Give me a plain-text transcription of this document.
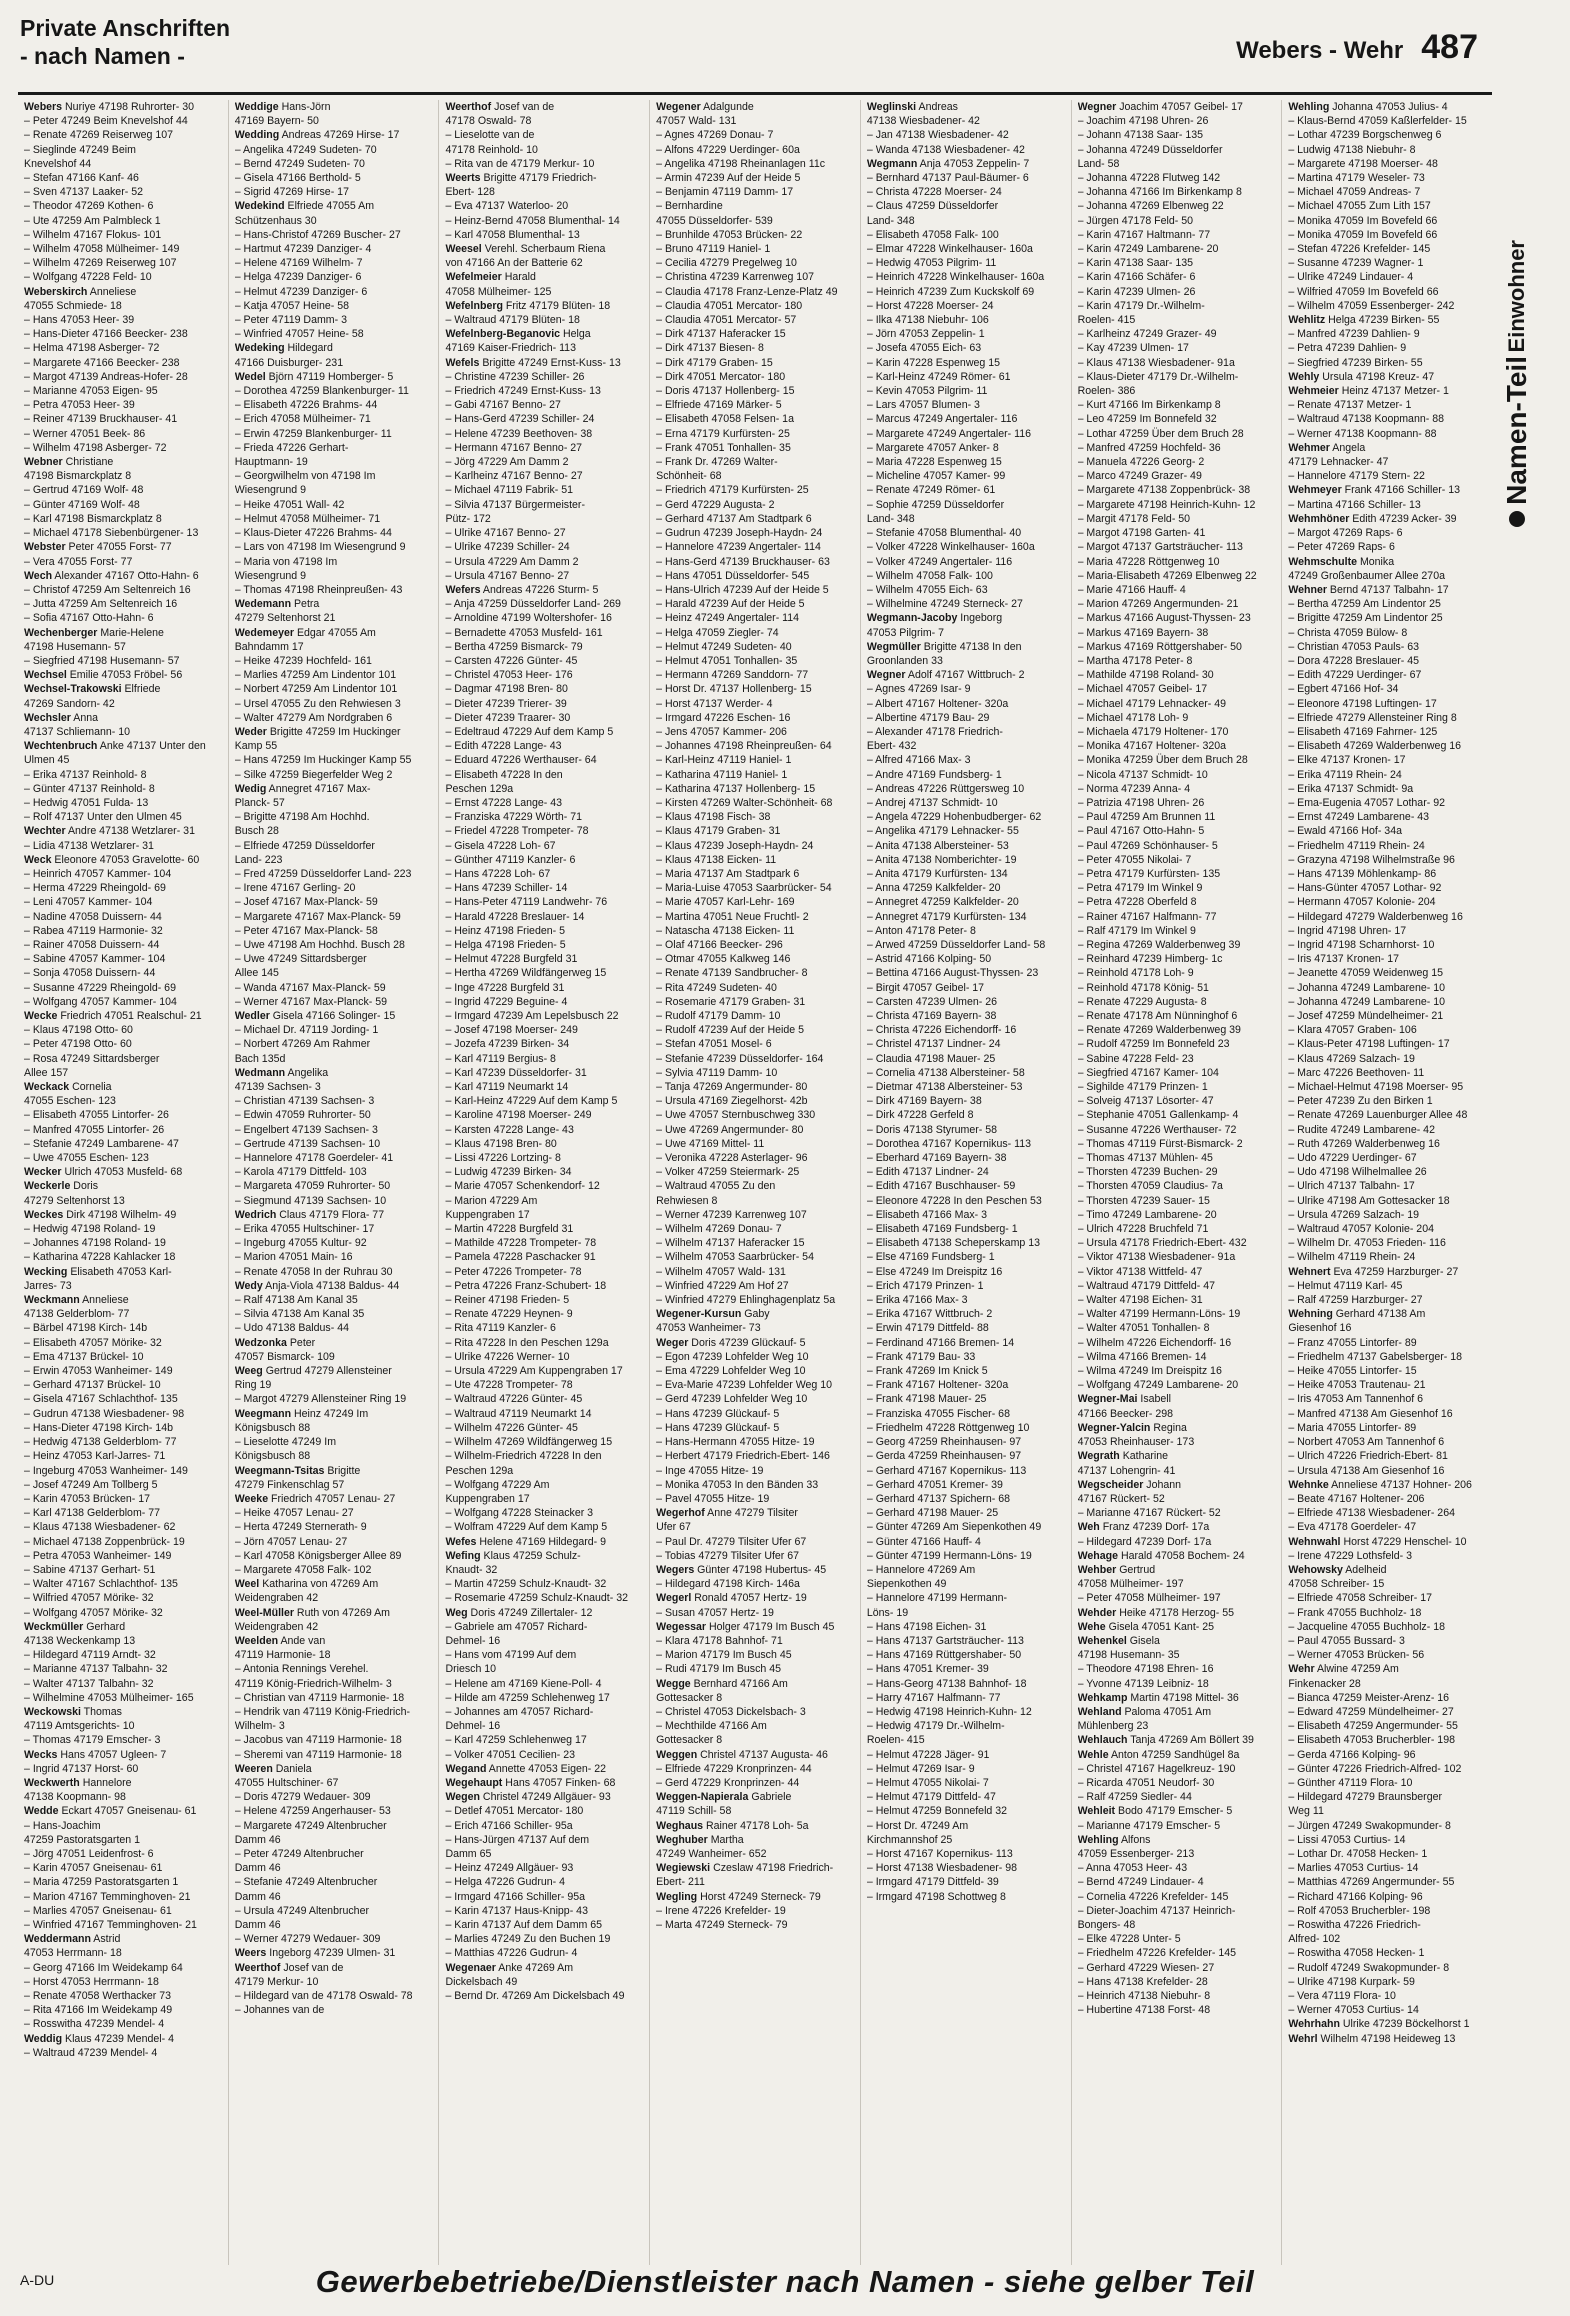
Private Anschriften
- nach Namen -	Webers - Wehr 487
Einwohner
Namen-Teil
Webers Nuriye 47198 Ruhrorter- 30
– Peter 47249 Beim Knevelshof 44
– Renate 47269 Reiserweg 107
– Sieglinde 47249 Beim
Knevelshof 44
– Stefan 47166 Kanf- 46
– Sven 47137 Laaker- 52
– Theodor 47269 Kothen- 6
– Ute 47259 Am Palmbleck 1
– Wilhelm 47167 Flokus- 101
– Wilhelm 47058 Mülheimer- 149
– Wilhelm 47269 Reiserweg 107
– Wolfgang 47228 Feld- 10
Weberskirch Anneliese
47055 Schmiede- 18
– Hans 47053 Heer- 39
– Hans-Dieter 47166 Beecker- 238
– Helma 47198 Asberger- 72
– Margarete 47166 Beecker- 238
– Margot 47139 Andreas-Hofer- 28
– Marianne 47053 Eigen- 95
– Petra 47053 Heer- 39
– Reiner 47139 Bruckhauser- 41
– Werner 47051 Beek- 86
– Wilhelm 47198 Asberger- 72
Webner Christiane
47198 Bismarckplatz 8
– Gertrud 47169 Wolf- 48
– Günter 47169 Wolf- 48
– Karl 47198 Bismarckplatz 8
– Michael 47178 Siebenbürgener- 13
Webster Peter 47055 Forst- 77
– Vera 47055 Forst- 77
Wech Alexander 47167 Otto-Hahn- 6
– Christof 47259 Am Seltenreich 16
– Jutta 47259 Am Seltenreich 16
– Sofia 47167 Otto-Hahn- 6
Wechenberger Marie-Helene
47198 Husemann- 57
– Siegfried 47198 Husemann- 57
Wechsel Emilie 47053 Fröbel- 56
Wechsel-Trakowski Elfriede
47269 Sandorn- 42
Wechsler Anna
47137 Schliemann- 10
Wechtenbruch Anke 47137 Unter den
Ulmen 45
– Erika 47137 Reinhold- 8
– Günter 47137 Reinhold- 8
– Hedwig 47051 Fulda- 13
– Rolf 47137 Unter den Ulmen 45
Wechter Andre 47138 Wetzlarer- 31
– Lidia 47138 Wetzlarer- 31
Weck Eleonore 47053 Gravelotte- 60
– Heinrich 47057 Kammer- 104
– Herma 47229 Rheingold- 69
– Leni 47057 Kammer- 104
– Nadine 47058 Duissern- 44
– Rabea 47119 Harmonie- 32
– Rainer 47058 Duissern- 44
– Sabine 47057 Kammer- 104
– Sonja 47058 Duissern- 44
– Susanne 47229 Rheingold- 69
– Wolfgang 47057 Kammer- 104
Wecke Friedrich 47051 Realschul- 21
– Klaus 47198 Otto- 60
– Peter 47198 Otto- 60
– Rosa 47249 Sittardsberger
Allee 157
Weckack Cornelia
47055 Eschen- 123
– Elisabeth 47055 Lintorfer- 26
– Manfred 47055 Lintorfer- 26
– Stefanie 47249 Lambarene- 47
– Uwe 47055 Eschen- 123
Wecker Ulrich 47053 Musfeld- 68
Weckerle Doris
47279 Seltenhorst 13
Weckes Dirk 47198 Wilhelm- 49
– Hedwig 47198 Roland- 19
– Johannes 47198 Roland- 19
– Katharina 47228 Kahlacker 18
Wecking Elisabeth 47053 Karl-
Jarres- 73
Weckmann Anneliese
47138 Gelderblom- 77
– Bärbel 47198 Kirch- 14b
– Elisabeth 47057 Mörike- 32
– Ema 47137 Brückel- 10
– Erwin 47053 Wanheimer- 149
– Gerhard 47137 Brückel- 10
– Gisela 47167 Schlachthof- 135
– Gudrun 47138 Wiesbadener- 98
– Hans-Dieter 47198 Kirch- 14b
– Hedwig 47138 Gelderblom- 77
– Heinz 47053 Karl-Jarres- 71
– Ingeburg 47053 Wanheimer- 149
– Josef 47249 Am Tollberg 5
– Karin 47053 Brücken- 17
– Karl 47138 Gelderblom- 77
– Klaus 47138 Wiesbadener- 62
– Michael 47138 Zoppenbrück- 19
– Petra 47053 Wanheimer- 149
– Sabine 47137 Gerhart- 51
– Walter 47167 Schlachthof- 135
– Wilfried 47057 Mörike- 32
– Wolfgang 47057 Mörike- 32
Weckmüller Gerhard
47138 Weckenkamp 13
– Hildegard 47119 Arndt- 32
– Marianne 47137 Talbahn- 32
– Walter 47137 Talbahn- 32
– Wilhelmine 47053 Mülheimer- 165
Weckowski Thomas
47119 Amtsgerichts- 10
– Thomas 47179 Emscher- 3
Wecks Hans 47057 Ugleen- 7
– Ingrid 47137 Horst- 60
Weckwerth Hannelore
47138 Koopmann- 98
Wedde Eckart 47057 Gneisenau- 61
– Hans-Joachim
47259 Pastoratsgarten 1
– Jörg 47051 Leidenfrost- 6
– Karin 47057 Gneisenau- 61
– Maria 47259 Pastoratsgarten 1
– Marion 47167 Temminghoven- 21
– Marlies 47057 Gneisenau- 61
– Winfried 47167 Temminghoven- 21
Weddermann Astrid
47053 Herrmann- 18
– Georg 47166 Im Weidekamp 64
– Horst 47053 Herrmann- 18
– Renate 47058 Werthacker 73
– Rita 47166 Im Weidekamp 49
– Rosswitha 47239 Mendel- 4
Weddig Klaus 47239 Mendel- 4
– Waltraud 47239 Mendel- 4
Weddige Hans-Jörn
47169 Bayern- 50
Wedding Andreas 47269 Hirse- 17
– Angelika 47249 Sudeten- 70
– Bernd 47249 Sudeten- 70
– Gisela 47166 Berthold- 5
– Sigrid 47269 Hirse- 17
Wedekind Elfriede 47055 Am
Schützenhaus 30
– Hans-Christof 47269 Buscher- 27
– Hartmut 47239 Danziger- 4
– Helene 47169 Wilhelm- 7
– Helga 47239 Danziger- 6
– Helmut 47239 Danziger- 6
– Katja 47057 Heine- 58
– Peter 47119 Damm- 3
– Winfried 47057 Heine- 58
Wedeking Hildegard
47166 Duisburger- 231
Wedel Björn 47119 Homberger- 5
– Dorothea 47259 Blankenburger- 11
– Elisabeth 47226 Brahms- 44
– Erich 47058 Mülheimer- 71
– Erwin 47259 Blankenburger- 11
– Frieda 47226 Gerhart-
Hauptmann- 19
– Georgwilhelm von 47198 Im
Wiesengrund 9
– Heike 47051 Wall- 42
– Helmut 47058 Mülheimer- 71
– Klaus-Dieter 47226 Brahms- 44
– Lars von 47198 Im Wiesengrund 9
– Maria von 47198 Im
Wiesengrund 9
– Thomas 47198 Rheinpreußen- 43
Wedemann Petra
47279 Seltenhorst 21
Wedemeyer Edgar 47055 Am
Bahndamm 17
– Heike 47239 Hochfeld- 161
– Marlies 47259 Am Lindentor 101
– Norbert 47259 Am Lindentor 101
– Ursel 47055 Zu den Rehwiesen 3
– Walter 47279 Am Nordgraben 6
Weder Brigitte 47259 Im Huckinger
Kamp 55
– Hans 47259 Im Huckinger Kamp 55
– Silke 47259 Biegerfelder Weg 2
Wedig Annegret 47167 Max-
Planck- 57
– Brigitte 47198 Am Hochhd.
Busch 28
– Elfriede 47259 Düsseldorfer
Land- 223
– Fred 47259 Düsseldorfer Land- 223
– Irene 47167 Gerling- 20
– Josef 47167 Max-Planck- 59
– Margarete 47167 Max-Planck- 59
– Peter 47167 Max-Planck- 58
– Uwe 47198 Am Hochhd. Busch 28
– Uwe 47249 Sittardsberger
Allee 145
– Wanda 47167 Max-Planck- 59
– Werner 47167 Max-Planck- 59
Wedler Gisela 47166 Solinger- 15
– Michael Dr. 47119 Jording- 1
– Norbert 47269 Am Rahmer
Bach 135d
Wedmann Angelika
47139 Sachsen- 3
– Christian 47139 Sachsen- 3
– Edwin 47059 Ruhrorter- 50
– Engelbert 47139 Sachsen- 3
– Gertrude 47139 Sachsen- 10
– Hannelore 47178 Goerdeler- 41
– Karola 47179 Dittfeld- 103
– Margareta 47059 Ruhrorter- 50
– Siegmund 47139 Sachsen- 10
Wedrich Claus 47179 Flora- 77
– Erika 47055 Hultschiner- 17
– Ingeburg 47055 Kultur- 92
– Marion 47051 Main- 16
– Renate 47058 In der Ruhrau 30
Wedy Anja-Viola 47138 Baldus- 44
– Ralf 47138 Am Kanal 35
– Silvia 47138 Am Kanal 35
– Udo 47138 Baldus- 44
Wedzonka Peter
47057 Bismarck- 109
Weeg Gertrud 47279 Allensteiner
Ring 19
– Margot 47279 Allensteiner Ring 19
Weegmann Heinz 47249 Im
Königsbusch 88
– Lieselotte 47249 Im
Königsbusch 88
Weegmann-Tsitas Brigitte
47279 Finkenschlag 57
Weeke Friedrich 47057 Lenau- 27
– Heike 47057 Lenau- 27
– Herta 47249 Sternerath- 9
– Jörn 47057 Lenau- 27
– Karl 47058 Königsberger Allee 89
– Margarete 47058 Falk- 102
Weel Katharina von 47269 Am
Weidengraben 42
Weel-Müller Ruth von 47269 Am
Weidengraben 42
Weelden Ande van
47119 Harmonie- 18
– Antonia Rennings Verehel.
47119 König-Friedrich-Wilhelm- 3
– Christian van 47119 Harmonie- 18
– Hendrik van 47119 König-Friedrich-
Wilhelm- 3
– Jacobus van 47119 Harmonie- 18
– Sheremi van 47119 Harmonie- 18
Weeren Daniela
47055 Hultschiner- 67
– Doris 47279 Wedauer- 309
– Helene 47259 Angerhauser- 53
– Margarete 47249 Altenbrucher
Damm 46
– Peter 47249 Altenbrucher
Damm 46
– Stefanie 47249 Altenbrucher
Damm 46
– Ursula 47249 Altenbrucher
Damm 46
– Werner 47279 Wedauer- 309
Weers Ingeborg 47239 Ulmen- 31
Weerthof Josef van de
47179 Merkur- 10
– Hildegard van de 47178 Oswald- 78
– Johannes van de
Weerthof Josef van de
47178 Oswald- 78
– Lieselotte van de
47178 Reinhold- 10
– Rita van de 47179 Merkur- 10
Weerts Brigitte 47179 Friedrich-
Ebert- 128
– Eva 47137 Waterloo- 20
– Heinz-Bernd 47058 Blumenthal- 14
– Karl 47058 Blumenthal- 13
Weesel Verehl. Scherbaum Riena
von 47166 An der Batterie 62
Wefelmeier Harald
47058 Mülheimer- 125
Wefelnberg Fritz 47179 Blüten- 18
– Waltraud 47179 Blüten- 18
Wefelnberg-Beganovic Helga
47169 Kaiser-Friedrich- 113
Wefels Brigitte 47249 Ernst-Kuss- 13
– Christine 47239 Schiller- 26
– Friedrich 47249 Ernst-Kuss- 13
– Gabi 47167 Benno- 27
– Hans-Gerd 47239 Schiller- 24
– Helene 47239 Beethoven- 38
– Hermann 47167 Benno- 27
– Jörg 47229 Am Damm 2
– Karlheinz 47167 Benno- 27
– Michael 47119 Fabrik- 51
– Silvia 47137 Bürgermeister-
Pütz- 172
– Ulrike 47167 Benno- 27
– Ulrike 47239 Schiller- 24
– Ursula 47229 Am Damm 2
– Ursula 47167 Benno- 27
Wefers Andreas 47226 Sturm- 5
– Anja 47259 Düsseldorfer Land- 269
– Arnoldine 47199 Woltershofer- 16
– Bernadette 47053 Musfeld- 161
– Bertha 47259 Bismarck- 79
– Carsten 47226 Günter- 45
– Christel 47053 Heer- 176
– Dagmar 47198 Bren- 80
– Dieter 47239 Trierer- 39
– Dieter 47239 Traarer- 30
– Edeltraud 47229 Auf dem Kamp 5
– Edith 47228 Lange- 43
– Eduard 47226 Werthauser- 64
– Elisabeth 47228 In den
Peschen 129a
– Ernst 47228 Lange- 43
– Franziska 47229 Wörth- 71
– Friedel 47228 Trompeter- 78
– Gisela 47228 Loh- 67
– Günther 47119 Kanzler- 6
– Hans 47228 Loh- 67
– Hans 47239 Schiller- 14
– Hans-Peter 47119 Landwehr- 76
– Harald 47228 Breslauer- 14
– Heinz 47198 Frieden- 5
– Helga 47198 Frieden- 5
– Helmut 47228 Burgfeld 31
– Hertha 47269 Wildfängerweg 15
– Inge 47228 Burgfeld 31
– Ingrid 47229 Beguine- 4
– Irmgard 47239 Am Lepelsbusch 22
– Josef 47198 Moerser- 249
– Jozefa 47239 Birken- 34
– Karl 47119 Bergius- 8
– Karl 47239 Düsseldorfer- 31
– Karl 47119 Neumarkt 14
– Karl-Heinz 47229 Auf dem Kamp 5
– Karoline 47198 Moerser- 249
– Karsten 47228 Lange- 43
– Klaus 47198 Bren- 80
– Lissi 47226 Lortzing- 8
– Ludwig 47239 Birken- 34
– Marie 47057 Schenkendorf- 12
– Marion 47229 Am
Kuppengraben 17
– Martin 47228 Burgfeld 31
– Mathilde 47228 Trompeter- 78
– Pamela 47228 Paschacker 91
– Peter 47226 Trompeter- 78
– Petra 47226 Franz-Schubert- 18
– Reiner 47198 Frieden- 5
– Renate 47229 Heynen- 9
– Rita 47119 Kanzler- 6
– Rita 47228 In den Peschen 129a
– Ulrike 47226 Werner- 10
– Ursula 47229 Am Kuppengraben 17
– Ute 47228 Trompeter- 78
– Waltraud 47226 Günter- 45
– Waltraud 47119 Neumarkt 14
– Wilhelm 47226 Günter- 45
– Wilhelm 47269 Wildfängerweg 15
– Wilhelm-Friedrich 47228 In den
Peschen 129a
– Wolfgang 47229 Am
Kuppengraben 17
– Wolfgang 47228 Steinacker 3
– Wolfram 47229 Auf dem Kamp 5
Wefes Helene 47169 Hildegard- 9
Wefing Klaus 47259 Schulz-
Knaudt- 32
– Martin 47259 Schulz-Knaudt- 32
– Rosemarie 47259 Schulz-Knaudt- 32
Weg Doris 47249 Zillertaler- 12
– Gabriele am 47057 Richard-
Dehmel- 16
– Hans vom 47199 Auf dem
Driesch 10
– Helene am 47169 Kiene-Poll- 4
– Hilde am 47259 Schlehenweg 17
– Johannes am 47057 Richard-
Dehmel- 16
– Karl 47259 Schlehenweg 17
– Volker 47051 Cecilien- 23
Wegand Annette 47053 Eigen- 22
Wegehaupt Hans 47057 Finken- 68
Wegen Christel 47249 Allgäuer- 93
– Detlef 47051 Mercator- 180
– Erich 47166 Schiller- 95a
– Hans-Jürgen 47137 Auf dem
Damm 65
– Heinz 47249 Allgäuer- 93
– Helga 47226 Gudrun- 4
– Irmgard 47166 Schiller- 95a
– Karin 47137 Haus-Knipp- 43
– Karin 47137 Auf dem Damm 65
– Marlies 47249 Zu den Buchen 19
– Matthias 47226 Gudrun- 4
Wegenaer Anke 47269 Am
Dickelsbach 49
– Bernd Dr. 47269 Am Dickelsbach 49
Wegener Adalgunde
47057 Wald- 131
– Agnes 47269 Donau- 7
– Alfons 47229 Uerdinger- 60a
– Angelika 47198 Rheinanlagen 11c
– Armin 47239 Auf der Heide 5
– Benjamin 47119 Damm- 17
– Bernhardine
47055 Düsseldorfer- 539
– Brunhilde 47053 Brücken- 22
– Bruno 47119 Haniel- 1
– Cecilia 47279 Pregelweg 10
– Christina 47239 Karrenweg 107
– Claudia 47178 Franz-Lenze-Platz 49
– Claudia 47051 Mercator- 180
– Claudia 47051 Mercator- 57
– Dirk 47137 Haferacker 15
– Dirk 47137 Biesen- 8
– Dirk 47179 Graben- 15
– Dirk 47051 Mercator- 180
– Doris 47137 Hollenberg- 15
– Elfriede 47169 Märker- 5
– Elisabeth 47058 Felsen- 1a
– Erna 47179 Kurfürsten- 25
– Frank 47051 Tonhallen- 35
– Frank Dr. 47269 Walter-
Schönheit- 68
– Friedrich 47179 Kurfürsten- 25
– Gerd 47229 Augusta- 2
– Gerhard 47137 Am Stadtpark 6
– Gudrun 47239 Joseph-Haydn- 24
– Hannelore 47239 Angertaler- 114
– Hans-Gerd 47139 Bruckhauser- 63
– Hans 47051 Düsseldorfer- 545
– Hans-Ulrich 47239 Auf der Heide 5
– Harald 47239 Auf der Heide 5
– Heinz 47249 Angertaler- 114
– Helga 47059 Ziegler- 74
– Helmut 47249 Sudeten- 40
– Helmut 47051 Tonhallen- 35
– Hermann 47269 Sanddorn- 77
– Horst Dr. 47137 Hollenberg- 15
– Horst 47137 Werder- 4
– Irmgard 47226 Eschen- 16
– Jens 47057 Kammer- 206
– Johannes 47198 Rheinpreußen- 64
– Karl-Heinz 47119 Haniel- 1
– Katharina 47119 Haniel- 1
– Katharina 47137 Hollenberg- 15
– Kirsten 47269 Walter-Schönheit- 68
– Klaus 47198 Fisch- 38
– Klaus 47179 Graben- 31
– Klaus 47239 Joseph-Haydn- 24
– Klaus 47138 Eicken- 11
– Maria 47137 Am Stadtpark 6
– Maria-Luise 47053 Saarbrücker- 54
– Marie 47057 Karl-Lehr- 169
– Martina 47051 Neue Fruchtl- 2
– Natascha 47138 Eicken- 11
– Olaf 47166 Beecker- 296
– Otmar 47055 Kalkweg 146
– Renate 47139 Sandbrucher- 8
– Rita 47249 Sudeten- 40
– Rosemarie 47179 Graben- 31
– Rudolf 47179 Damm- 10
– Rudolf 47239 Auf der Heide 5
– Stefan 47051 Mosel- 6
– Stefanie 47239 Düsseldorfer- 164
– Sylvia 47119 Damm- 10
– Tanja 47269 Angermunder- 80
– Ursula 47169 Ziegelhorst- 42b
– Uwe 47057 Sternbuschweg 330
– Uwe 47269 Angermunder- 80
– Uwe 47169 Mittel- 11
– Veronika 47228 Asterlager- 96
– Volker 47259 Steiermark- 25
– Waltraud 47055 Zu den
Rehwiesen 8
– Werner 47239 Karrenweg 107
– Wilhelm 47269 Donau- 7
– Wilhelm 47137 Haferacker 15
– Wilhelm 47053 Saarbrücker- 54
– Wilhelm 47057 Wald- 131
– Winfried 47229 Am Hof 27
– Winfried 47279 Ehlinghagenplatz 5a
Wegener-Kursun Gaby
47053 Wanheimer- 73
Weger Doris 47239 Glückauf- 5
– Egon 47239 Lohfelder Weg 10
– Ema 47229 Lohfelder Weg 10
– Eva-Marie 47239 Lohfelder Weg 10
– Gerd 47239 Lohfelder Weg 10
– Hans 47239 Glückauf- 5
– Hans 47239 Glückauf- 5
– Hans-Hermann 47055 Hitze- 19
– Herbert 47179 Friedrich-Ebert- 146
– Inge 47055 Hitze- 19
– Monika 47053 In den Bänden 33
– Pavel 47055 Hitze- 19
Wegerhof Anne 47279 Tilsiter
Ufer 67
– Paul Dr. 47279 Tilsiter Ufer 67
– Tobias 47279 Tilsiter Ufer 67
Wegers Günter 47198 Hubertus- 45
– Hildegard 47198 Kirch- 146a
Wegerl Ronald 47057 Hertz- 19
– Susan 47057 Hertz- 19
Wegessar Holger 47179 Im Busch 45
– Klara 47178 Bahnhof- 71
– Marion 47179 Im Busch 45
– Rudi 47179 Im Busch 45
Wegge Bernhard 47166 Am
Gottesacker 8
– Christel 47053 Dickelsbach- 3
– Mechthilde 47166 Am
Gottesacker 8
Weggen Christel 47137 Augusta- 46
– Elfriede 47229 Kronprinzen- 44
– Gerd 47229 Kronprinzen- 44
Weggen-Napierala Gabriele
47119 Schill- 58
Weghaus Rainer 47178 Loh- 5a
Weghuber Martha
47249 Wanheimer- 652
Wegiewski Czeslaw 47198 Friedrich-
Ebert- 211
Wegling Horst 47249 Sterneck- 79
– Irene 47226 Krefelder- 19
– Marta 47249 Sterneck- 79
Weglinski Andreas
47138 Wiesbadener- 42
– Jan 47138 Wiesbadener- 42
– Wanda 47138 Wiesbadener- 42
Wegmann Anja 47053 Zeppelin- 7
– Bernhard 47137 Paul-Bäumer- 6
– Christa 47228 Moerser- 24
– Claus 47259 Düsseldorfer
Land- 348
– Elisabeth 47058 Falk- 100
– Elmar 47228 Winkelhauser- 160a
– Hedwig 47053 Pilgrim- 11
– Heinrich 47228 Winkelhauser- 160a
– Heinrich 47239 Zum Kuckskolf 69
– Horst 47228 Moerser- 24
– Ilka 47138 Niebuhr- 106
– Jörn 47053 Zeppelin- 1
– Josefa 47055 Eich- 63
– Karin 47228 Espenweg 15
– Karl-Heinz 47249 Römer- 61
– Kevin 47053 Pilgrim- 11
– Lars 47057 Blumen- 3
– Marcus 47249 Angertaler- 116
– Margarete 47249 Angertaler- 116
– Margarete 47057 Anker- 8
– Maria 47228 Espenweg 15
– Micheline 47057 Kamer- 99
– Renate 47249 Römer- 61
– Sophie 47259 Düsseldorfer
Land- 348
– Stefanie 47058 Blumenthal- 40
– Volker 47228 Winkelhauser- 160a
– Volker 47249 Angertaler- 116
– Wilhelm 47058 Falk- 100
– Wilhelm 47055 Eich- 63
– Wilhelmine 47249 Sterneck- 27
Wegmann-Jacoby Ingeborg
47053 Pilgrim- 7
Wegmüller Brigitte 47138 In den
Groonlanden 33
Wegner Adolf 47167 Wittbruch- 2
– Agnes 47269 Isar- 9
– Albert 47167 Holtener- 320a
– Albertine 47179 Bau- 29
– Alexander 47178 Friedrich-
Ebert- 432
– Alfred 47166 Max- 3
– Andre 47169 Fundsberg- 1
– Andreas 47226 Rüttgersweg 10
– Andrej 47137 Schmidt- 10
– Angela 47229 Hohenbudberger- 62
– Angelika 47179 Lehnacker- 55
– Anita 47138 Albersteiner- 53
– Anita 47138 Nomberichter- 19
– Anita 47179 Kurfürsten- 134
– Anna 47259 Kalkfelder- 20
– Annegret 47259 Kalkfelder- 20
– Annegret 47179 Kurfürsten- 134
– Anton 47178 Peter- 8
– Arwed 47259 Düsseldorfer Land- 58
– Astrid 47166 Kolping- 50
– Bettina 47166 August-Thyssen- 23
– Birgit 47057 Geibel- 17
– Carsten 47239 Ulmen- 26
– Christa 47169 Bayern- 38
– Christa 47226 Eichendorff- 16
– Christel 47137 Lindner- 24
– Claudia 47198 Mauer- 25
– Cornelia 47138 Albersteiner- 58
– Dietmar 47138 Albersteiner- 53
– Dirk 47169 Bayern- 38
– Dirk 47228 Gerfeld 8
– Doris 47138 Styrumer- 58
– Dorothea 47167 Kopernikus- 113
– Eberhard 47169 Bayern- 38
– Edith 47137 Lindner- 24
– Edith 47167 Buschhauser- 59
– Eleonore 47228 In den Peschen 53
– Elisabeth 47166 Max- 3
– Elisabeth 47169 Fundsberg- 1
– Elisabeth 47138 Scheperskamp 13
– Else 47169 Fundsberg- 1
– Else 47249 Im Dreispitz 16
– Erich 47179 Prinzen- 1
– Erika 47166 Max- 3
– Erika 47167 Wittbruch- 2
– Erwin 47179 Dittfeld- 88
– Ferdinand 47166 Bremen- 14
– Frank 47179 Bau- 33
– Frank 47269 Im Knick 5
– Frank 47167 Holtener- 320a
– Frank 47198 Mauer- 25
– Franziska 47055 Fischer- 68
– Friedhelm 47228 Röttgenweg 10
– Georg 47259 Rheinhausen- 97
– Gerda 47259 Rheinhausen- 97
– Gerhard 47167 Kopernikus- 113
– Gerhard 47051 Kremer- 39
– Gerhard 47137 Spichern- 68
– Gerhard 47198 Mauer- 25
– Günter 47269 Am Siepenkothen 49
– Günter 47166 Hauff- 4
– Günter 47199 Hermann-Löns- 19
– Hannelore 47269 Am
Siepenkothen 49
– Hannelore 47199 Hermann-
Löns- 19
– Hans 47198 Eichen- 31
– Hans 47137 Gartsträucher- 113
– Hans 47169 Rüttgershaber- 50
– Hans 47051 Kremer- 39
– Hans-Georg 47138 Bahnhof- 18
– Harry 47167 Halfmann- 77
– Hedwig 47198 Heinrich-Kuhn- 12
– Hedwig 47179 Dr.-Wilhelm-
Roelen- 415
– Helmut 47228 Jäger- 91
– Helmut 47269 Isar- 9
– Helmut 47055 Nikolai- 7
– Helmut 47179 Dittfeld- 47
– Helmut 47259 Bonnefeld 32
– Horst Dr. 47249 Am
Kirchmannshof 25
– Horst 47167 Kopernikus- 113
– Horst 47138 Wiesbadener- 98
– Irmgard 47179 Dittfeld- 39
– Irmgard 47198 Schottweg 8
Wegner Joachim 47057 Geibel- 17
– Joachim 47198 Uhren- 26
– Johann 47138 Saar- 135
– Johanna 47249 Düsseldorfer
Land- 58
– Johanna 47228 Flutweg 142
– Johanna 47166 Im Birkenkamp 8
– Johanna 47269 Elbenweg 22
– Jürgen 47178 Feld- 50
– Karin 47167 Haltmann- 77
– Karin 47249 Lambarene- 20
– Karin 47138 Saar- 135
– Karin 47166 Schäfer- 6
– Karin 47239 Ulmen- 26
– Karin 47179 Dr.-Wilhelm-
Roelen- 415
– Karlheinz 47249 Grazer- 49
– Kay 47239 Ulmen- 17
– Klaus 47138 Wiesbadener- 91a
– Klaus-Dieter 47179 Dr.-Wilhelm-
Roelen- 386
– Kurt 47166 Im Birkenkamp 8
– Leo 47259 Im Bonnefeld 32
– Lothar 47259 Über dem Bruch 28
– Manfred 47259 Hochfeld- 36
– Manuela 47226 Georg- 2
– Marco 47249 Grazer- 49
– Margarete 47138 Zoppenbrück- 38
– Margarete 47198 Heinrich-Kuhn- 12
– Margit 47178 Feld- 50
– Margot 47198 Garten- 41
– Margot 47137 Gartsträucher- 113
– Maria 47228 Röttgenweg 10
– Maria-Elisabeth 47269 Elbenweg 22
– Marie 47166 Hauff- 4
– Marion 47269 Angermunden- 21
– Markus 47166 August-Thyssen- 23
– Markus 47169 Bayern- 38
– Markus 47169 Röttgershaber- 50
– Martha 47178 Peter- 8
– Mathilde 47198 Roland- 30
– Michael 47057 Geibel- 17
– Michael 47179 Lehnacker- 49
– Michael 47178 Loh- 9
– Michaela 47179 Holtener- 170
– Monika 47167 Holtener- 320a
– Monika 47259 Über dem Bruch 28
– Nicola 47137 Schmidt- 10
– Norma 47239 Anna- 4
– Patrizia 47198 Uhren- 26
– Paul 47259 Am Brunnen 11
– Paul 47167 Otto-Hahn- 5
– Paul 47269 Schönhauser- 5
– Peter 47055 Nikolai- 7
– Petra 47179 Kurfürsten- 135
– Petra 47179 Im Winkel 9
– Petra 47228 Oberfeld 8
– Rainer 47167 Halfmann- 77
– Ralf 47179 Im Winkel 9
– Regina 47269 Walderbenweg 39
– Reinhard 47239 Himberg- 1c
– Reinhold 47178 Loh- 9
– Reinhold 47178 König- 51
– Renate 47229 Augusta- 8
– Renate 47178 Am Nünninghof 6
– Renate 47269 Walderbenweg 39
– Rudolf 47259 Im Bonnefeld 23
– Sabine 47228 Feld- 23
– Siegfried 47167 Kamer- 104
– Sighilde 47179 Prinzen- 1
– Solveig 47137 Lösorter- 47
– Stephanie 47051 Gallenkamp- 4
– Susanne 47226 Werthauser- 72
– Thomas 47119 Fürst-Bismarck- 2
– Thomas 47137 Mühlen- 45
– Thorsten 47239 Buchen- 29
– Thorsten 47059 Claudius- 7a
– Thorsten 47239 Sauer- 15
– Timo 47249 Lambarene- 20
– Ulrich 47228 Bruchfeld 71
– Ursula 47178 Friedrich-Ebert- 432
– Viktor 47138 Wiesbadener- 91a
– Viktor 47138 Wittfeld- 47
– Waltraud 47179 Dittfeld- 47
– Walter 47198 Eichen- 31
– Walter 47199 Hermann-Löns- 19
– Walter 47051 Tonhallen- 8
– Wilhelm 47226 Eichendorff- 16
– Wilma 47166 Bremen- 14
– Wilma 47249 Im Dreispitz 16
– Wolfgang 47249 Lambarene- 20
Wegner-Mai Isabell
47166 Beecker- 298
Wegner-Yalcin Regina
47053 Rheinhauser- 173
Wegrath Katharine
47137 Lohengrin- 41
Wegscheider Johann
47167 Rückert- 52
– Marianne 47167 Rückert- 52
Weh Franz 47239 Dorf- 17a
– Hildegard 47239 Dorf- 17a
Wehage Harald 47058 Bochem- 24
Wehber Gertrud
47058 Mülheimer- 197
– Peter 47058 Mülheimer- 197
Wehder Heike 47178 Herzog- 55
Wehe Gisela 47051 Kant- 25
Wehenkel Gisela
47198 Husemann- 35
– Theodore 47198 Ehren- 16
– Yvonne 47139 Leibniz- 18
Wehkamp Martin 47198 Mittel- 36
Wehland Paloma 47051 Am
Mühlenberg 23
Wehlauch Tanja 47269 Am Böllert 39
Wehle Anton 47259 Sandhügel 8a
– Christel 47167 Hagelkreuz- 190
– Ricarda 47051 Neudorf- 30
– Ralf 47259 Siedler- 44
Wehleit Bodo 47179 Emscher- 5
– Marianne 47179 Emscher- 5
Wehling Alfons
47059 Essenberger- 213
– Anna 47053 Heer- 43
– Bernd 47249 Lindauer- 4
– Cornelia 47226 Krefelder- 145
– Dieter-Joachim 47137 Heinrich-
Bongers- 48
– Elke 47228 Unter- 5
– Friedhelm 47226 Krefelder- 145
– Gerhard 47229 Wiesen- 27
– Hans 47138 Krefelder- 28
– Heinrich 47138 Niebuhr- 8
– Hubertine 47138 Forst- 48
Wehling Johanna 47053 Julius- 4
– Klaus-Bernd 47059 Kaßlerfelder- 15
– Lothar 47239 Borgschenweg 6
– Ludwig 47138 Niebuhr- 8
– Margarete 47198 Moerser- 48
– Martina 47179 Weseler- 73
– Michael 47059 Andreas- 7
– Michael 47055 Zum Lith 157
– Monika 47059 Im Bovefeld 66
– Monika 47059 Im Bovefeld 66
– Stefan 47226 Krefelder- 145
– Susanne 47239 Wagner- 1
– Ulrike 47249 Lindauer- 4
– Wilfried 47059 Im Bovefeld 66
– Wilhelm 47059 Essenberger- 242
Wehlitz Helga 47239 Birken- 55
– Manfred 47239 Dahlien- 9
– Petra 47239 Dahlien- 9
– Siegfried 47239 Birken- 55
Wehly Ursula 47198 Kreuz- 47
Wehmeier Heinz 47137 Metzer- 1
– Renate 47137 Metzer- 1
– Waltraud 47138 Koopmann- 88
– Werner 47138 Koopmann- 88
Wehmer Angela
47179 Lehnacker- 47
– Hannelore 47179 Stern- 22
Wehmeyer Frank 47166 Schiller- 13
– Martina 47166 Schiller- 13
Wehmhöner Edith 47239 Acker- 39
– Margot 47269 Raps- 6
– Peter 47269 Raps- 6
Wehmschulte Monika
47249 Großenbaumer Allee 270a
Wehner Bernd 47137 Talbahn- 17
– Bertha 47259 Am Lindentor 25
– Brigitte 47259 Am Lindentor 25
– Christa 47059 Bülow- 8
– Christian 47053 Pauls- 63
– Dora 47228 Breslauer- 45
– Edith 47229 Uerdinger- 67
– Egbert 47166 Hof- 34
– Eleonore 47198 Luftingen- 17
– Elfriede 47279 Allensteiner Ring 8
– Elisabeth 47169 Fahrner- 125
– Elisabeth 47269 Walderbenweg 16
– Elke 47137 Kronen- 17
– Erika 47119 Rhein- 24
– Erika 47137 Schmidt- 9a
– Ema-Eugenia 47057 Lothar- 92
– Ernst 47249 Lambarene- 43
– Ewald 47166 Hof- 34a
– Friedhelm 47119 Rhein- 24
– Grazyna 47198 Wilhelmstraße 96
– Hans 47139 Möhlenkamp- 86
– Hans-Günter 47057 Lothar- 92
– Hermann 47057 Kolonie- 204
– Hildegard 47279 Walderbenweg 16
– Ingrid 47198 Uhren- 17
– Ingrid 47198 Scharnhorst- 10
– Iris 47137 Kronen- 17
– Jeanette 47059 Weidenweg 15
– Johanna 47249 Lambarene- 10
– Johanna 47249 Lambarene- 10
– Josef 47259 Mündelheimer- 21
– Klara 47057 Graben- 106
– Klaus-Peter 47198 Luftingen- 17
– Klaus 47269 Salzach- 19
– Marc 47226 Beethoven- 11
– Michael-Helmut 47198 Moerser- 95
– Peter 47239 Zu den Birken 1
– Renate 47269 Lauenburger Allee 48
– Rudite 47249 Lambarene- 42
– Ruth 47269 Walderbenweg 16
– Udo 47229 Uerdinger- 67
– Udo 47198 Wilhelmallee 26
– Ulrich 47137 Talbahn- 17
– Ulrike 47198 Am Gottesacker 18
– Ursula 47269 Salzach- 19
– Waltraud 47057 Kolonie- 204
– Wilhelm Dr. 47053 Frieden- 116
– Wilhelm 47119 Rhein- 24
Wehnert Eva 47259 Harzburger- 27
– Helmut 47119 Karl- 45
– Ralf 47259 Harzburger- 27
Wehning Gerhard 47138 Am
Giesenhof 16
– Franz 47055 Lintorfer- 89
– Friedhelm 47137 Gabelsberger- 18
– Heike 47055 Lintorfer- 15
– Heike 47053 Trautenau- 21
– Iris 47053 Am Tannenhof 6
– Manfred 47138 Am Giesenhof 16
– Maria 47055 Lintorfer- 89
– Norbert 47053 Am Tannenhof 6
– Ulrich 47226 Friedrich-Ebert- 81
– Ursula 47138 Am Giesenhof 16
Wehnke Anneliese 47137 Hohner- 206
– Beate 47167 Holtener- 206
– Elfriede 47138 Wiesbadener- 264
– Eva 47178 Goerdeler- 47
Wehnwahl Horst 47229 Henschel- 10
– Irene 47229 Lothsfeld- 3
Wehowsky Adelheid
47058 Schreiber- 15
– Elfriede 47058 Schreiber- 17
– Frank 47055 Buchholz- 18
– Jacqueline 47055 Buchholz- 18
– Paul 47055 Bussard- 3
– Werner 47053 Brücken- 56
Wehr Alwine 47259 Am
Finkenacker 28
– Bianca 47259 Meister-Arenz- 16
– Edward 47259 Mündelheimer- 27
– Elisabeth 47259 Angermunder- 55
– Elisabeth 47053 Brucherbler- 198
– Gerda 47166 Kolping- 96
– Günter 47226 Friedrich-Alfred- 102
– Günther 47119 Flora- 10
– Hildegard 47279 Braunsberger
Weg 11
– Jürgen 47249 Swakopmunder- 8
– Lissi 47053 Curtius- 14
– Lothar Dr. 47058 Hecken- 1
– Marlies 47053 Curtius- 14
– Matthias 47269 Angermunder- 55
– Richard 47166 Kolping- 96
– Rolf 47053 Brucherbler- 198
– Roswitha 47226 Friedrich-
Alfred- 102
– Roswitha 47058 Hecken- 1
– Rudolf 47249 Swakopmunder- 8
– Ulrike 47198 Kurpark- 59
– Vera 47119 Flora- 10
– Werner 47053 Curtius- 14
Wehrhahn Ulrike 47239 Böckelhorst 1
Wehrl Wilhelm 47198 Heideweg 13
A-DU	Gewerbebetriebe/Dienstleister nach Namen - siehe gelber Teil
